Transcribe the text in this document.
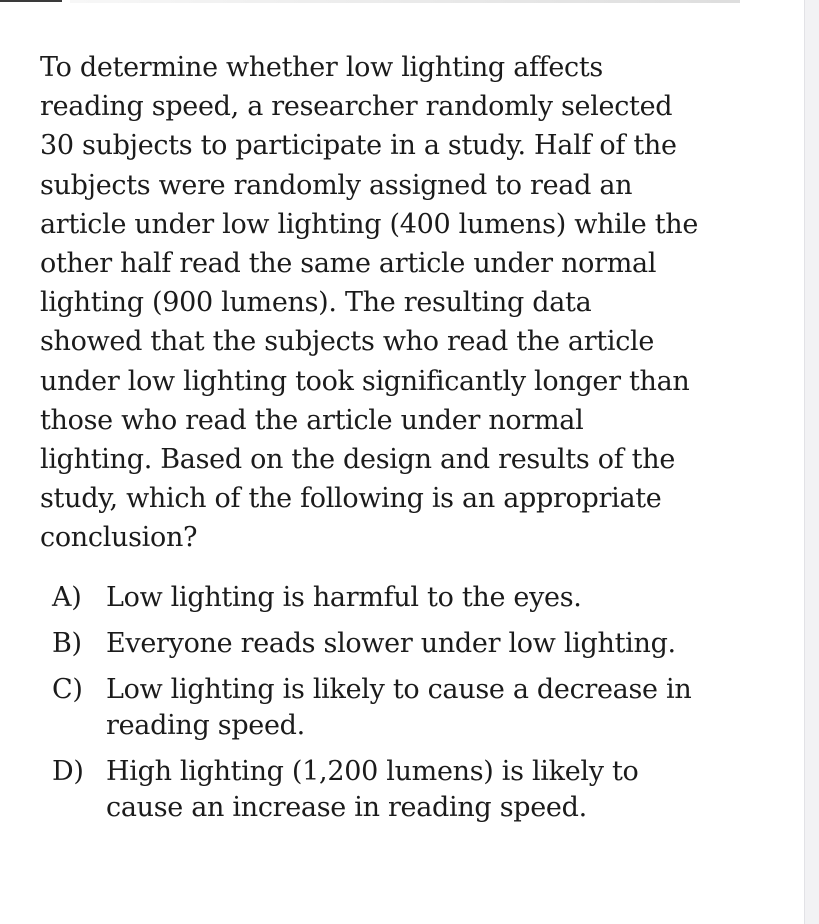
To determine whether low lighting affects
reading speed, a researcher randomly selected
30 subjects to participate in a study. Half of the
subjects were randomly assigned to read an
article under low lighting (400 lumens) while the
other half read the same article under normal
lighting (900 lumens). The resulting data
showed that the subjects who read the article
under low lighting took significantly longer than
those who read the article under normal
lighting. Based on the design and results of the
study, which of the following is an appropriate
conclusion?

A) Low lighting is harmful to the eyes.
B) Everyone reads slower under low lighting.
C) Low lighting is likely to cause a decrease in reading speed.
D) High lighting (1,200 lumens) is likely to cause an increase in reading speed.
